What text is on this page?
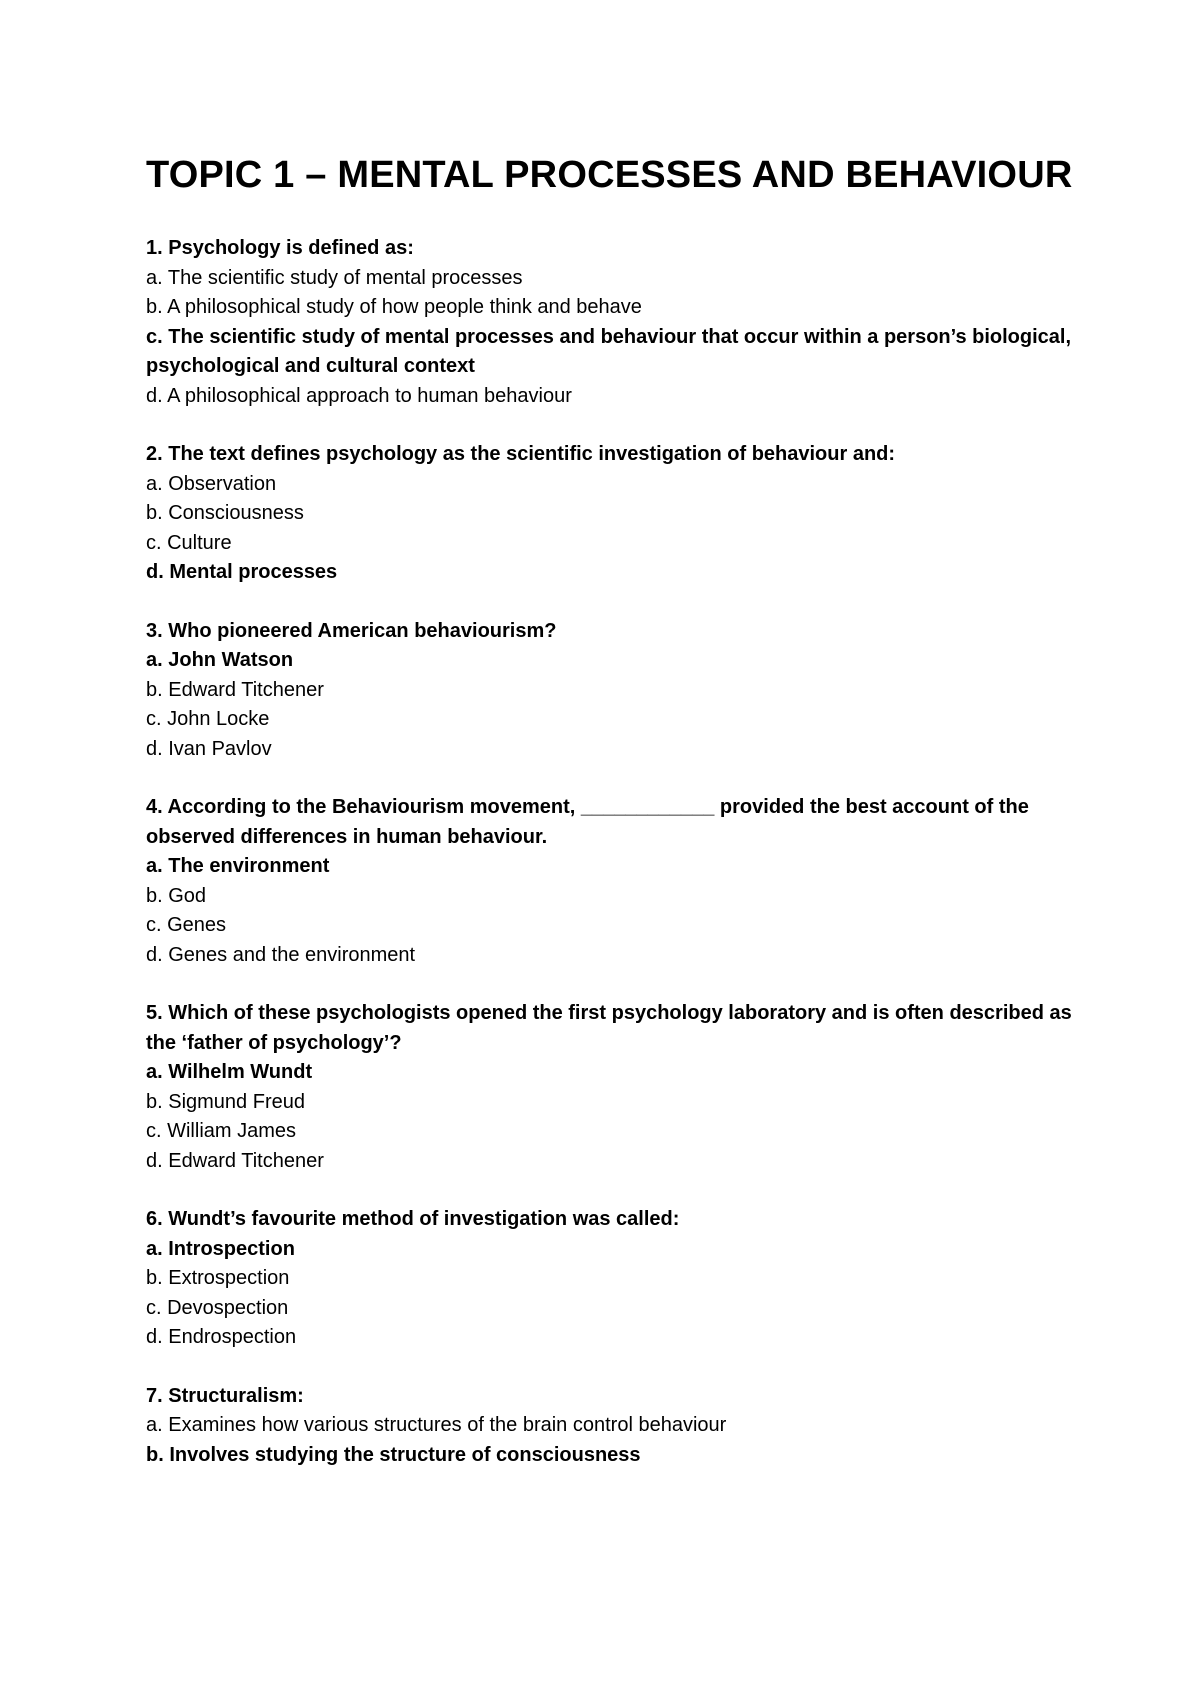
TOPIC 1 – MENTAL PROCESSES AND BEHAVIOUR

1. Psychology is defined as:

a. The scientific study of mental processes

b. A philosophical study of how people think and behave

c. The scientific study of mental processes and behaviour that occur within a person’s biological, psychological and cultural context

d. A philosophical approach to human behaviour

2. The text defines psychology as the scientific investigation of behaviour and:

a. Observation

b. Consciousness

c. Culture

d. Mental processes

3. Who pioneered American behaviourism?

a. John Watson

b. Edward Titchener

c. John Locke

d. Ivan Pavlov

4. According to the Behaviourism movement, ____________ provided the best account of the observed differences in human behaviour.

a. The environment

b. God

c. Genes

d. Genes and the environment

5. Which of these psychologists opened the first psychology laboratory and is often described as the ‘father of psychology’?

a. Wilhelm Wundt

b. Sigmund Freud

c. William James

d. Edward Titchener

6. Wundt’s favourite method of investigation was called:

a. Introspection

b. Extrospection

c. Devospection

d. Endrospection

7. Structuralism:

a. Examines how various structures of the brain control behaviour

b. Involves studying the structure of consciousness
